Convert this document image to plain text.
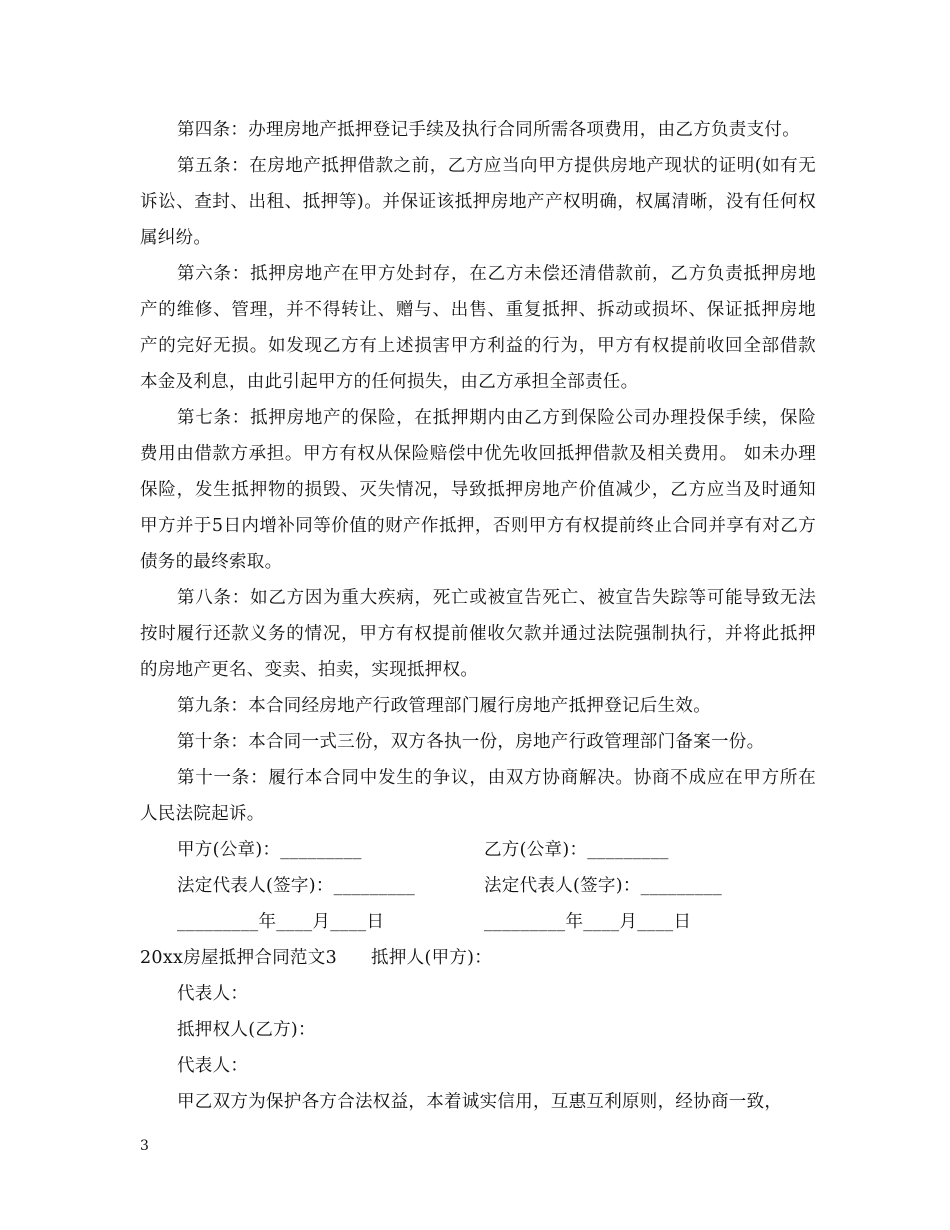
第四条：办理房地产抵押登记手续及执行合同所需各项费用，由乙方负责支付。

第五条：在房地产抵押借款之前，乙方应当向甲方提供房地产现状的证明(如有无诉讼、查封、出租、抵押等)。并保证该抵押房地产产权明确，权属清晰，没有任何权属纠纷。

第六条：抵押房地产在甲方处封存，在乙方未偿还清借款前，乙方负责抵押房地产的维修、管理，并不得转让、赠与、出售、重复抵押、拆动或损坏、保证抵押房地产的完好无损。如发现乙方有上述损害甲方利益的行为，甲方有权提前收回全部借款本金及利息，由此引起甲方的任何损失，由乙方承担全部责任。

第七条：抵押房地产的保险，在抵押期内由乙方到保险公司办理投保手续，保险费用由借款方承担。甲方有权从保险赔偿中优先收回抵押借款及相关费用。 如未办理保险，发生抵押物的损毁、灭失情况，导致抵押房地产价值减少，乙方应当及时通知甲方并于5日内增补同等价值的财产作抵押，否则甲方有权提前终止合同并享有对乙方债务的最终索取。

第八条：如乙方因为重大疾病，死亡或被宣告死亡、被宣告失踪等可能导致无法按时履行还款义务的情况，甲方有权提前催收欠款并通过法院强制执行，并将此抵押的房地产更名、变卖、拍卖，实现抵押权。

第九条：本合同经房地产行政管理部门履行房地产抵押登记后生效。

第十条：本合同一式三份，双方各执一份，房地产行政管理部门备案一份。

第十一条：履行本合同中发生的争议，由双方协商解决。协商不成应在甲方所在人民法院起诉。

甲方(公章)：_________	乙方(公章)：_________
法定代表人(签字)：_________	法定代表人(签字)：_________
_________年____月____日	_________年____月____日
20xx房屋抵押合同范文3 抵押人(甲方)：
代表人：
抵押权人(乙方)：
代表人：
甲乙双方为保护各方合法权益，本着诚实信用，互惠互利原则，经协商一致，
3
